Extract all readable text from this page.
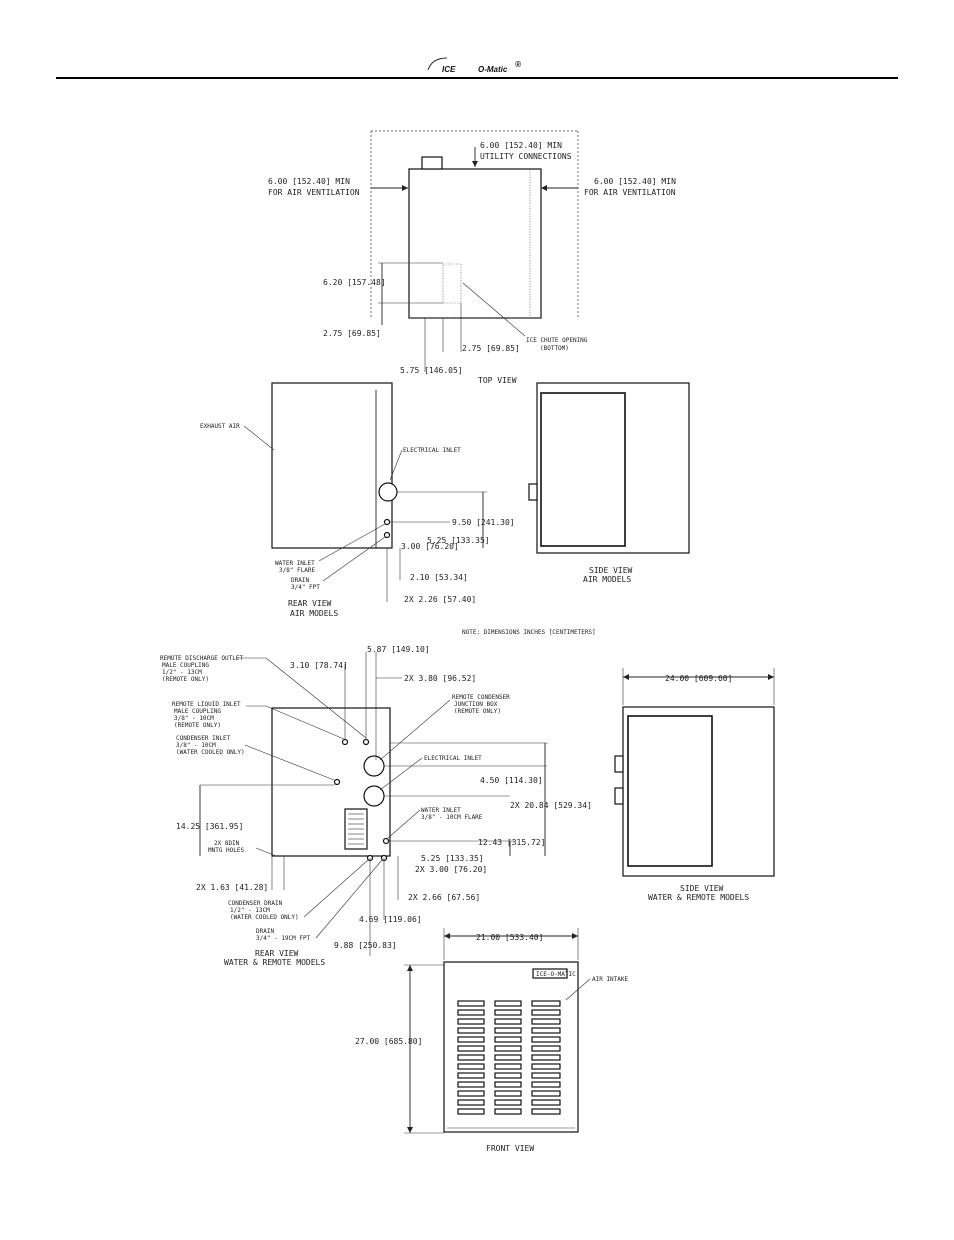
ICE	O-Matic
®
6.00 [152.40] MIN
UTILITY CONNECTIONS
6.00 [152.40] MIN
FOR AIR VENTILATION
6.00 [152.40] MIN
FOR AIR VENTILATION
6.20 [157.48]
2.75 [69.85]
2.75 [69.85]
5.75 [146.05]
ICE CHUTE OPENING
(BOTTOM)
TOP VIEW
EXHAUST AIR
ELECTRICAL INLET
9.50 [241.30]
5.25 [133.35]
3.00 [76.20]
2.10 [53.34]
2X 2.26 [57.40]
WATER INLET
3/8" FLARE
DRAIN
3/4" FPT
REAR VIEW
AIR MODELS
SIDE VIEW
AIR MODELS
NOTE: DIMENSIONS INCHES [CENTIMETERS]
REMOTE DISCHARGE OUTLET
MALE COUPLING
1/2" - 13CM
(REMOTE ONLY)
REMOTE LIQUID INLET
MALE COUPLING
3/8" - 10CM
(REMOTE ONLY)
CONDENSER INLET
3/8" - 10CM
(WATER COOLED ONLY)
3.10 [78.74]
5.87 [149.10]
2X 3.80 [96.52]
REMOTE CONDENSER
JUNCTION BOX
(REMOTE ONLY)
ELECTRICAL INLET
4.50 [114.30]
2X 20.84 [529.34]
WATER INLET
3/8" - 10CM FLARE
12.43 [315.72]
14.25 [361.95]
5.25 [133.35]
2X 3.00 [76.20]
2X 8DIN
MNTG HOLES
2X 1.63 [41.28]
2X 2.66 [67.56]
4.69 [119.06]
9.88 [250.83]
CONDENSER DRAIN
1/2" - 13CM
(WATER COOLED ONLY)
DRAIN
3/4" - 19CM FPT
REAR VIEW
WATER & REMOTE MODELS
24.00 [609.60]
SIDE VIEW
WATER & REMOTE MODELS
21.00 [533.40]
27.00 [685.80]
ICE-O-MATIC
AIR INTAKE
FRONT VIEW
